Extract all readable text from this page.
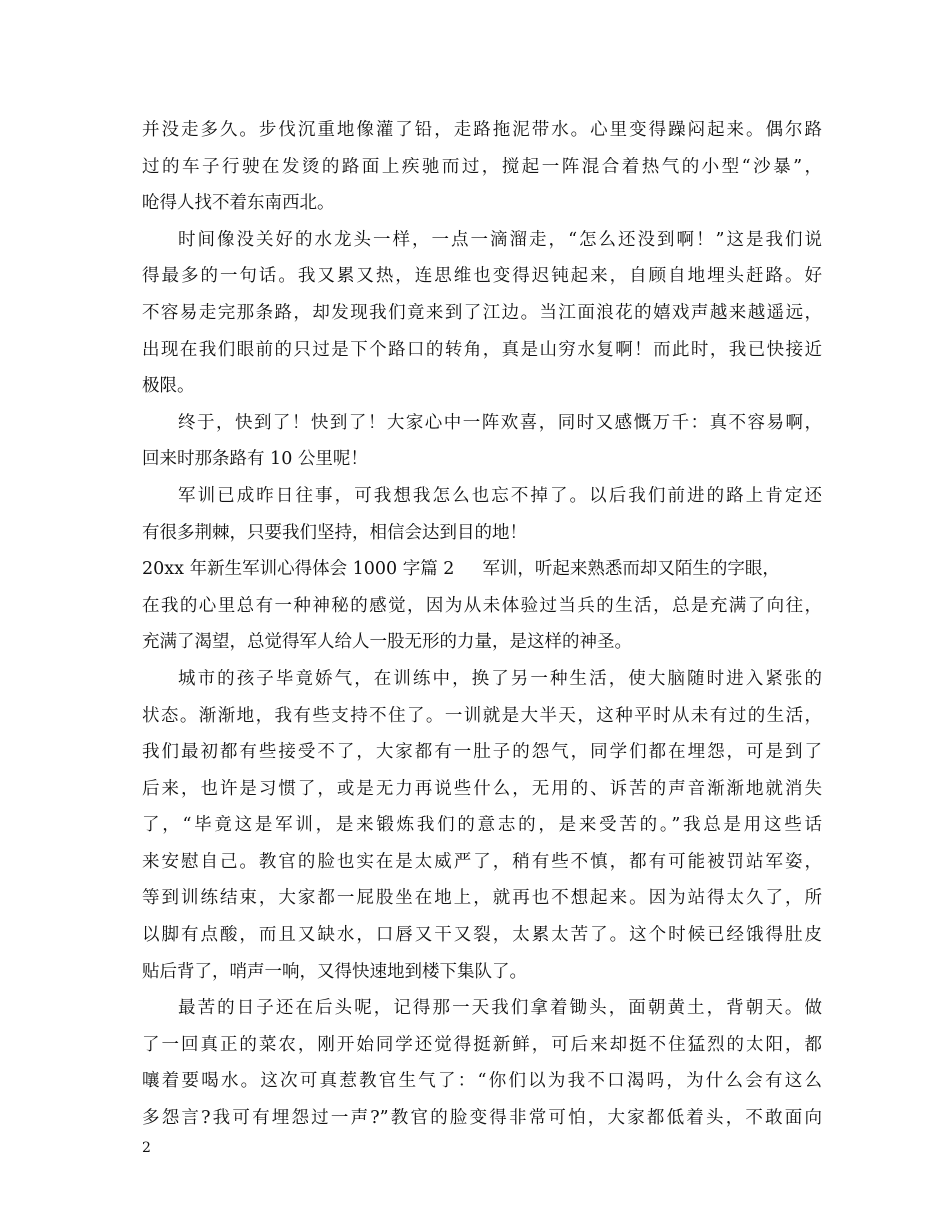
并没走多久。步伐沉重地像灌了铅，走路拖泥带水。心里变得躁闷起来。偶尔路
过的车子行驶在发烫的路面上疾驰而过，搅起一阵混合着热气的小型“沙暴”，
呛得人找不着东南西北。
时间像没关好的水龙头一样，一点一滴溜走，“怎么还没到啊！”这是我们说
得最多的一句话。我又累又热，连思维也变得迟钝起来，自顾自地埋头赶路。好
不容易走完那条路，却发现我们竟来到了江边。当江面浪花的嬉戏声越来越遥远，
出现在我们眼前的只过是下个路口的转角，真是山穷水复啊！而此时，我已快接近
极限。
终于，快到了！快到了！大家心中一阵欢喜，同时又感慨万千：真不容易啊，
回来时那条路有 10 公里呢！
军训已成昨日往事，可我想我怎么也忘不掉了。以后我们前进的路上肯定还
有很多荆棘，只要我们坚持，相信会达到目的地！
20xx 年新生军训心得体会 1000 字篇 2 军训，听起来熟悉而却又陌生的字眼，
在我的心里总有一种神秘的感觉，因为从未体验过当兵的生活，总是充满了向往，
充满了渴望，总觉得军人给人一股无形的力量，是这样的神圣。
城市的孩子毕竟娇气，在训练中，换了另一种生活，使大脑随时进入紧张的
状态。渐渐地，我有些支持不住了。一训就是大半天，这种平时从未有过的生活，
我们最初都有些接受不了，大家都有一肚子的怨气，同学们都在埋怨，可是到了
后来，也许是习惯了，或是无力再说些什么，无用的、诉苦的声音渐渐地就消失
了，“毕竟这是军训，是来锻炼我们的意志的，是来受苦的。”我总是用这些话
来安慰自己。教官的脸也实在是太威严了，稍有些不慎，都有可能被罚站军姿，
等到训练结束，大家都一屁股坐在地上，就再也不想起来。因为站得太久了，所
以脚有点酸，而且又缺水，口唇又干又裂，太累太苦了。这个时候已经饿得肚皮
贴后背了，哨声一响，又得快速地到楼下集队了。
最苦的日子还在后头呢，记得那一天我们拿着锄头，面朝黄土，背朝天。做
了一回真正的菜农，刚开始同学还觉得挺新鲜，可后来却挺不住猛烈的太阳，都
嚷着要喝水。这次可真惹教官生气了：“你们以为我不口渴吗，为什么会有这么
多怨言?我可有埋怨过一声?”教官的脸变得非常可怕，大家都低着头，不敢面向
2
